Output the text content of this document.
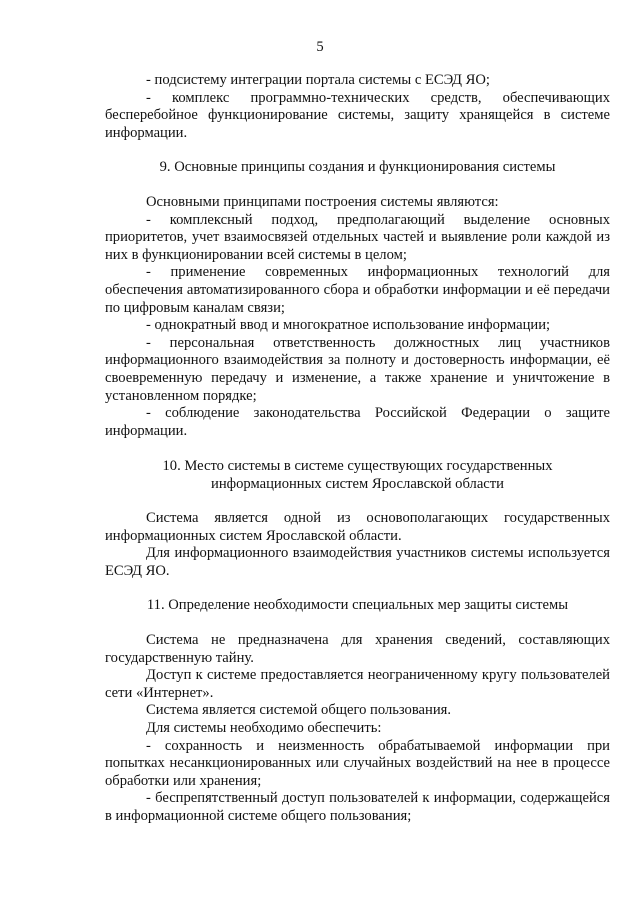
5

- подсистему интеграции портала системы с ЕСЭД ЯО;

- комплекс программно-технических средств, обеспечивающих бесперебойное функционирование системы, защиту хранящейся в системе информации.

9. Основные принципы создания и функционирования системы

Основными принципами построения системы являются:

- комплексный подход, предполагающий выделение основных приоритетов, учет взаимосвязей отдельных частей и выявление роли каждой из них в функционировании всей системы в целом;

- применение современных информационных технологий для обеспечения автоматизированного сбора и обработки информации и её передачи по цифровым каналам связи;

- однократный ввод и многократное использование информации;

- персональная ответственность должностных лиц участников информационного взаимодействия за полноту и достоверность информации, её своевременную передачу и изменение, а также хранение и уничтожение в установленном порядке;

- соблюдение законодательства Российской Федерации о защите информации.

10. Место системы в системе существующих государственных

информационных систем Ярославской области

Система является одной из основополагающих государственных информационных систем Ярославской области.

Для информационного взаимодействия участников системы используется ЕСЭД ЯО.

11. Определение необходимости специальных мер защиты системы

Система не предназначена для хранения сведений, составляющих государственную тайну.

Доступ к системе предоставляется неограниченному кругу пользователей сети «Интернет».

Система является системой общего пользования.

Для системы необходимо обеспечить:

- сохранность и неизменность обрабатываемой информации при попытках несанкционированных или случайных воздействий на нее в процессе обработки или хранения;

- беспрепятственный доступ пользователей к информации, содержащейся в информационной системе общего пользования;
